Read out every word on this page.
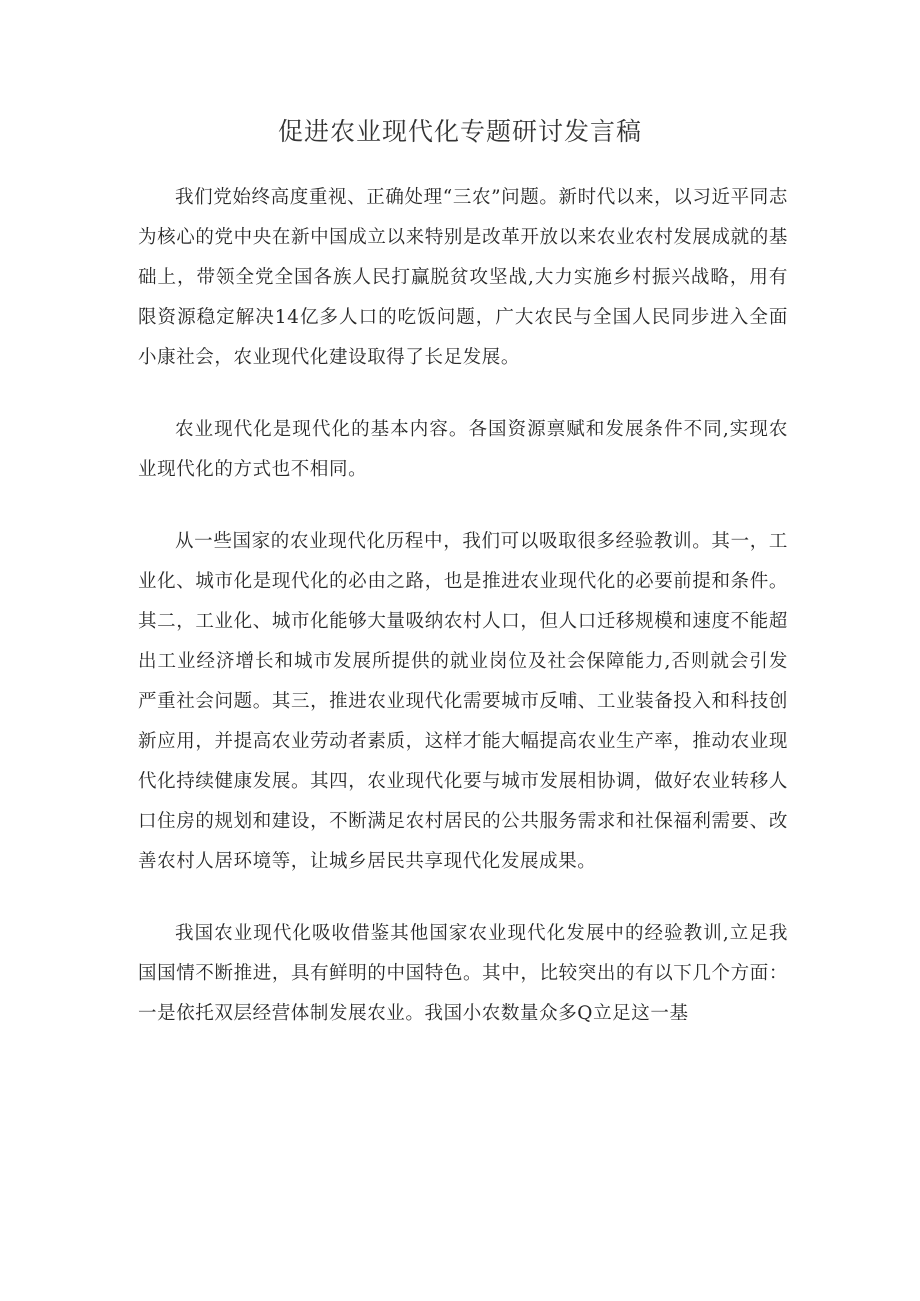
促进农业现代化专题研讨发言稿

我们党始终高度重视、正确处理“三农”问题。新时代以来，以习近平同志为核心的党中央在新中国成立以来特别是改革开放以来农业农村发展成就的基础上，带领全党全国各族人民打赢脱贫攻坚战,大力实施乡村振兴战略，用有限资源稳定解决14亿多人口的吃饭问题，广大农民与全国人民同步进入全面小康社会，农业现代化建设取得了长足发展。

农业现代化是现代化的基本内容。各国资源禀赋和发展条件不同,实现农业现代化的方式也不相同。

从一些国家的农业现代化历程中，我们可以吸取很多经验教训。其一，工业化、城市化是现代化的必由之路，也是推进农业现代化的必要前提和条件。其二，工业化、城市化能够大量吸纳农村人口，但人口迁移规模和速度不能超出工业经济增长和城市发展所提供的就业岗位及社会保障能力,否则就会引发严重社会问题。其三，推进农业现代化需要城市反哺、工业装备投入和科技创新应用，并提高农业劳动者素质，这样才能大幅提高农业生产率，推动农业现代化持续健康发展。其四，农业现代化要与城市发展相协调，做好农业转移人口住房的规划和建设，不断满足农村居民的公共服务需求和社保福利需要、改善农村人居环境等，让城乡居民共享现代化发展成果。

我国农业现代化吸收借鉴其他国家农业现代化发展中的经验教训,立足我国国情不断推进，具有鲜明的中国特色。其中，比较突出的有以下几个方面：一是依托双层经营体制发展农业。我国小农数量众多Q立足这一基
